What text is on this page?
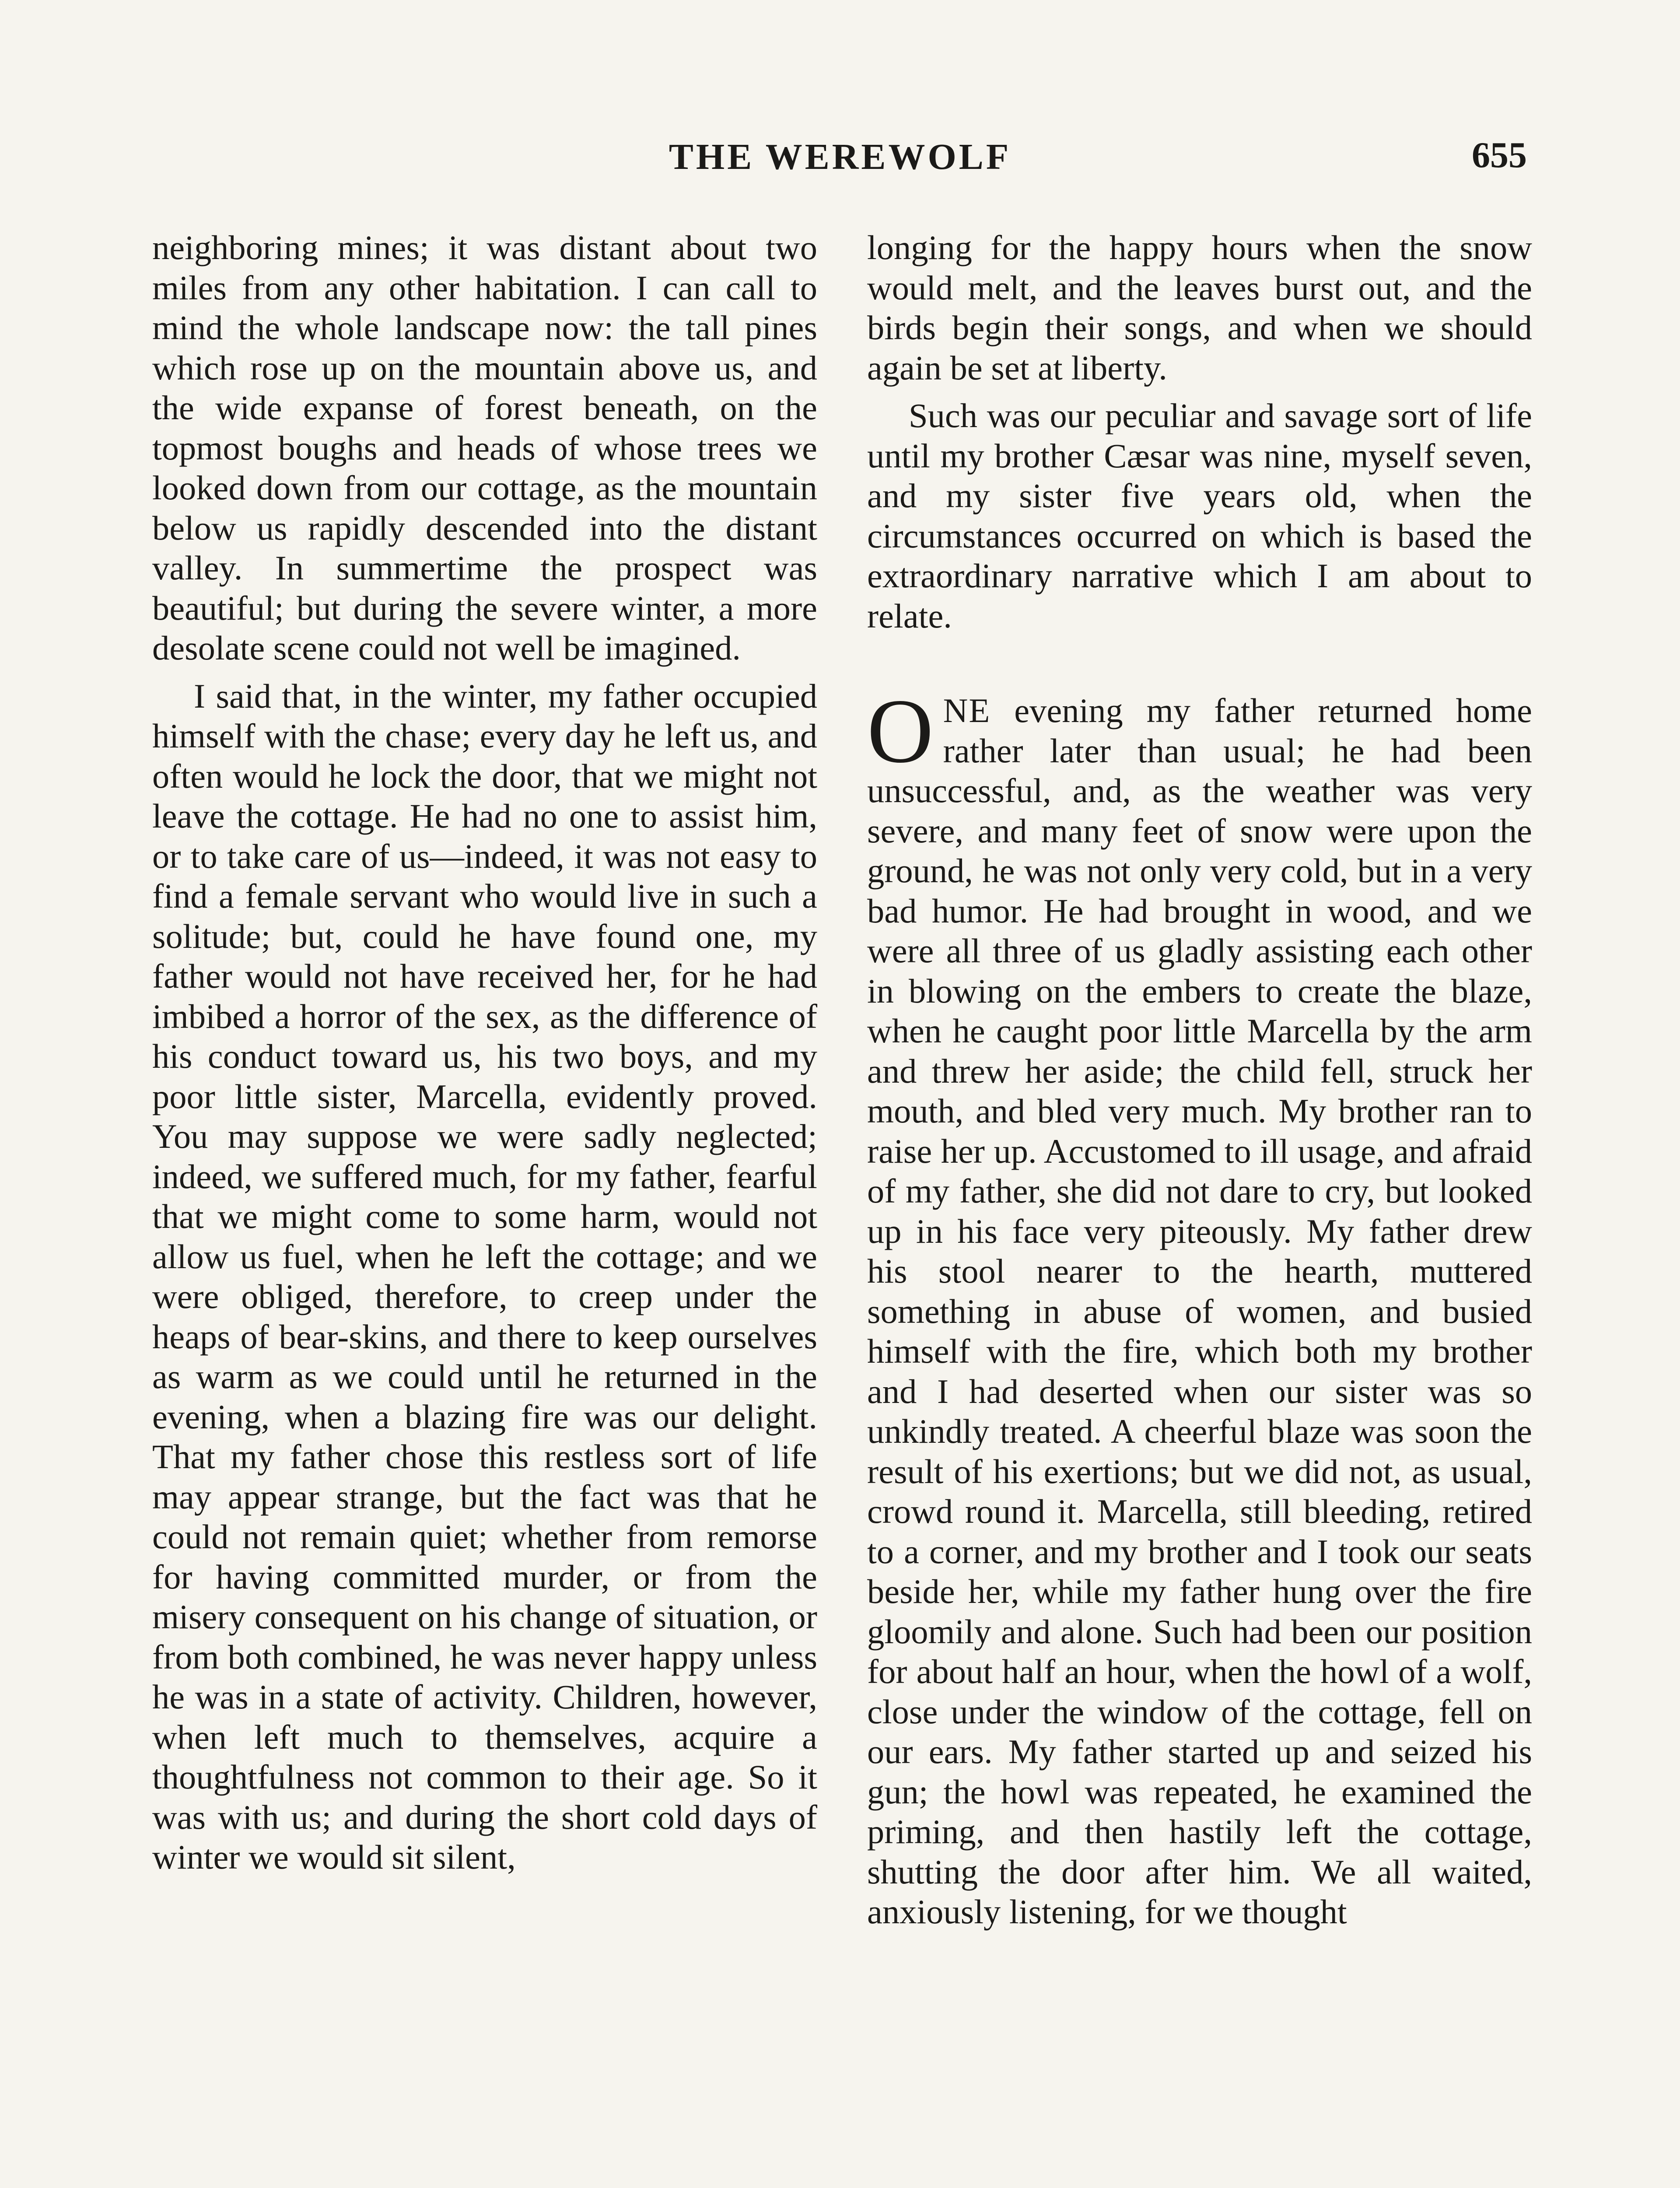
THE WEREWOLF	655

neighboring mines; it was distant about two miles from any other habitation. I can call to mind the whole landscape now: the tall pines which rose up on the mountain above us, and the wide expanse of forest beneath, on the topmost boughs and heads of whose trees we looked down from our cottage, as the mountain below us rapidly descended into the distant valley. In summertime the prospect was beautiful; but during the severe winter, a more desolate scene could not well be imagined.

I said that, in the winter, my father occupied himself with the chase; every day he left us, and often would he lock the door, that we might not leave the cottage. He had no one to assist him, or to take care of us—indeed, it was not easy to find a female servant who would live in such a solitude; but, could he have found one, my father would not have received her, for he had imbibed a horror of the sex, as the difference of his conduct toward us, his two boys, and my poor little sister, Marcella, evidently proved. You may suppose we were sadly neglected; indeed, we suffered much, for my father, fearful that we might come to some harm, would not allow us fuel, when he left the cottage; and we were obliged, therefore, to creep under the heaps of bear-skins, and there to keep ourselves as warm as we could until he returned in the evening, when a blazing fire was our delight. That my father chose this restless sort of life may appear strange, but the fact was that he could not remain quiet; whether from remorse for having committed murder, or from the misery consequent on his change of situation, or from both combined, he was never happy unless he was in a state of activity. Children, however, when left much to themselves, acquire a thoughtfulness not common to their age. So it was with us; and during the short cold days of winter we would sit silent,

longing for the happy hours when the snow would melt, and the leaves burst out, and the birds begin their songs, and when we should again be set at liberty.

Such was our peculiar and savage sort of life until my brother Cæsar was nine, myself seven, and my sister five years old, when the circumstances occurred on which is based the extraordinary narrative which I am about to relate.

ONE evening my father returned home rather later than usual; he had been unsuccessful, and, as the weather was very severe, and many feet of snow were upon the ground, he was not only very cold, but in a very bad humor. He had brought in wood, and we were all three of us gladly assisting each other in blowing on the embers to create the blaze, when he caught poor little Marcella by the arm and threw her aside; the child fell, struck her mouth, and bled very much. My brother ran to raise her up. Accustomed to ill usage, and afraid of my father, she did not dare to cry, but looked up in his face very piteously. My father drew his stool nearer to the hearth, muttered something in abuse of women, and busied himself with the fire, which both my brother and I had deserted when our sister was so unkindly treated. A cheerful blaze was soon the result of his exertions; but we did not, as usual, crowd round it. Marcella, still bleeding, retired to a corner, and my brother and I took our seats beside her, while my father hung over the fire gloomily and alone. Such had been our position for about half an hour, when the howl of a wolf, close under the window of the cottage, fell on our ears. My father started up and seized his gun; the howl was repeated, he examined the priming, and then hastily left the cottage, shutting the door after him. We all waited, anxiously listening, for we thought
